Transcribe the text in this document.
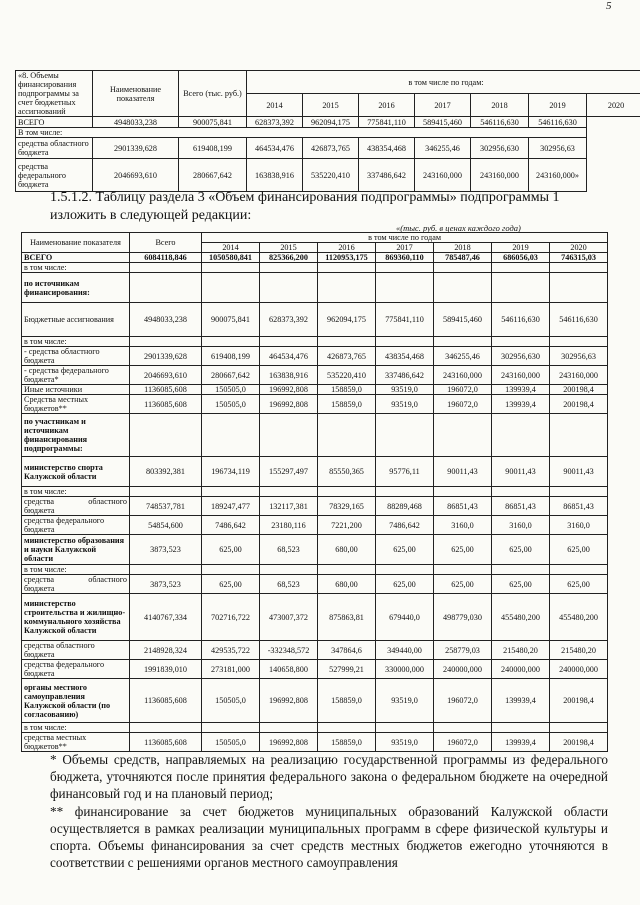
5
«8. Объемы финансирования подпрограммы за счет бюджетных ассигнований	Наименование показателя	Всего (тыс. руб.)	в том числе по годам:						
			2014	2015	2016	2017	2018	2019	2020
ВСЕГО	4948033,238	900075,841	628373,392	962094,175	775841,110	589415,460	546116,630	546116,630	
В том числе:									
средства областного бюджета	2901339,628	619408,199	464534,476	426873,765	438354,468	346255,46	302956,630	302956,63	
средства федерального бюджета	2046693,610	280667,642	163838,916	535220,410	337486,642	243160,000	243160,000	243160,000»	
1.5.1.2. Таблицу раздела 3 «Объем финансирования подпрограммы» подпрограммы 1 изложить в следующей редакции:
«(тыс. руб. в ценах каждого года)
Наименование показателя	Всего	в том числе по годам						
		2014	2015	2016	2017	2018	2019	2020
ВСЕГО	6084118,846	1050580,841	825366,200	1120953,175	869360,110	785487,46	686056,03	746315,03
в том числе:								
по источникам финансирования:								
Бюджетные ассигнования	4948033,238	900075,841	628373,392	962094,175	775841,110	589415,460	546116,630	546116,630
в том числе:								
- средства областного бюджета	2901339,628	619408,199	464534,476	426873,765	438354,468	346255,46	302956,630	302956,63
- средства федерального бюджета*	2046693,610	280667,642	163838,916	535220,410	337486,642	243160,000	243160,000	243160,000
Иные источники	1136085,608	150505,0	196992,808	158859,0	93519,0	196072,0	139939,4	200198,4
Средства местных бюджетов**	1136085,608	150505,0	196992,808	158859,0	93519,0	196072,0	139939,4	200198,4
по участникам и источникам финансирования подпрограммы:								
министерство спорта Калужской области	803392,381	196734,119	155297,497	85550,365	95776,11	90011,43	90011,43	90011,43
в том числе:								
средства областного бюджета	748537,781	189247,477	132117,381	78329,165	88289,468	86851,43	86851,43	86851,43
средства федерального бюджета	54854,600	7486,642	23180,116	7221,200	7486,642	3160,0	3160,0	3160,0
министерство образования и науки Калужской области	3873,523	625,00	68,523	680,00	625,00	625,00	625,00	625,00
в том числе:								
средства областного бюджета	3873,523	625,00	68,523	680,00	625,00	625,00	625,00	625,00
министерство строительства и жилищно-коммунального хозяйства Калужской области	4140767,334	702716,722	473007,372	875863,81	679440,0	498779,030	455480,200	455480,200
средства областного бюджета	2148928,324	429535,722	-332348,572	347864,6	349440,00	258779,03	215480,20	215480,20
средства федерального бюджета	1991839,010	273181,000	140658,800	527999,21	330000,000	240000,000	240000,000	240000,000
органы местного самоуправления Калужской области (по согласованию)	1136085,608	150505,0	196992,808	158859,0	93519,0	196072,0	139939,4	200198,4
в том числе:								
средства местных бюджетов**	1136085,608	150505,0	196992,808	158859,0	93519,0	196072,0	139939,4	200198,4

* Объемы средств, направляемых на реализацию государственной программы из федерального бюджета, уточняются после принятия федерального закона о федеральном бюджете на очередной финансовый год и на плановый период;

** финансирование за счет бюджетов муниципальных образований Калужской области осуществляется в рамках реализации муниципальных программ в сфере физической культуры и спорта. Объемы финансирования за счет средств местных бюджетов ежегодно уточняются в соответствии с решениями органов местного самоуправления
